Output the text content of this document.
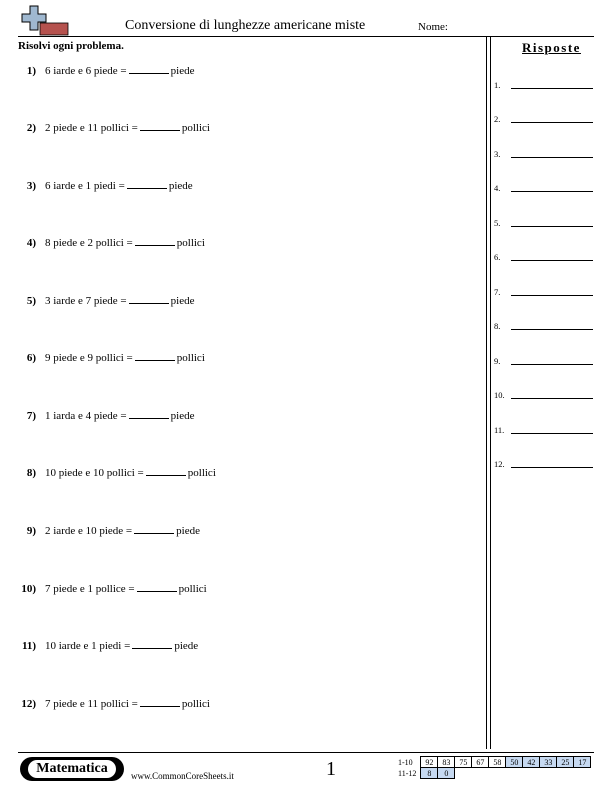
Conversione di lunghezze americane miste	Nome:
Risolvi ogni problema.
1) 6 iarde e 6 piede =	piede
2) 2 piede e 11 pollici =	pollici
3) 6 iarde e 1 piedi =	piede
4) 8 piede e 2 pollici =	pollici
5) 3 iarde e 7 piede =	piede
6) 9 piede e 9 pollici =	pollici
7) 1 iarda e 4 piede =	piede
8) 10 piede e 10 pollici =	pollici
9) 2 iarde e 10 piede =	piede
10) 7 piede e 1 pollice =	pollici
11) 10 iarde e 1 piedi =	piede
12) 7 piede e 11 pollici =	pollici
Risposte
1.
2.
3.
4.
5.
6.
7.
8.
9.
10.
11.
12.
Matematica	www.CommonCoreSheets.it	1	1-10	92	83	75	67	58	50	42	33	25	17
11-12	8	0								
